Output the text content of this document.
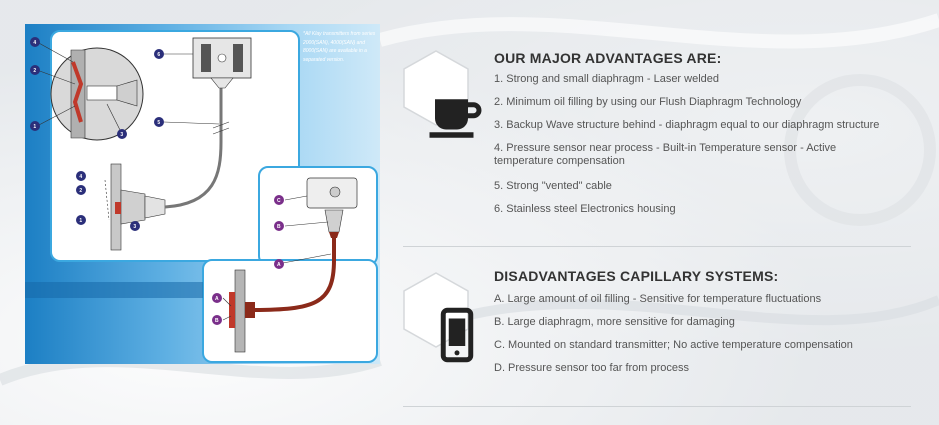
*All Klay transmitters from series 2000(SAN), 4000(SAN) and 8000(SAN) are available in a separated version.
4
2
1
3
5
6
4
2
1
3
C
B
A
A
B
OUR MAJOR ADVANTAGES ARE:
1. Strong and small diaphragm - Laser welded
2. Minimum oil filling by using our Flush Diaphragm Technology
3. Backup Wave structure behind - diaphragm equal to our diaphragm structure
4. Pressure sensor near process - Built-in Temperature sensor - Active temperature compensation
5. Strong "vented" cable
6. Stainless steel Electronics housing
DISADVANTAGES CAPILLARY SYSTEMS:
A. Large amount of oil filling - Sensitive for temperature fluctuations
B. Large diaphragm, more sensitive for damaging
C. Mounted on standard transmitter; No active temperature compensation
D. Pressure sensor too far from process
